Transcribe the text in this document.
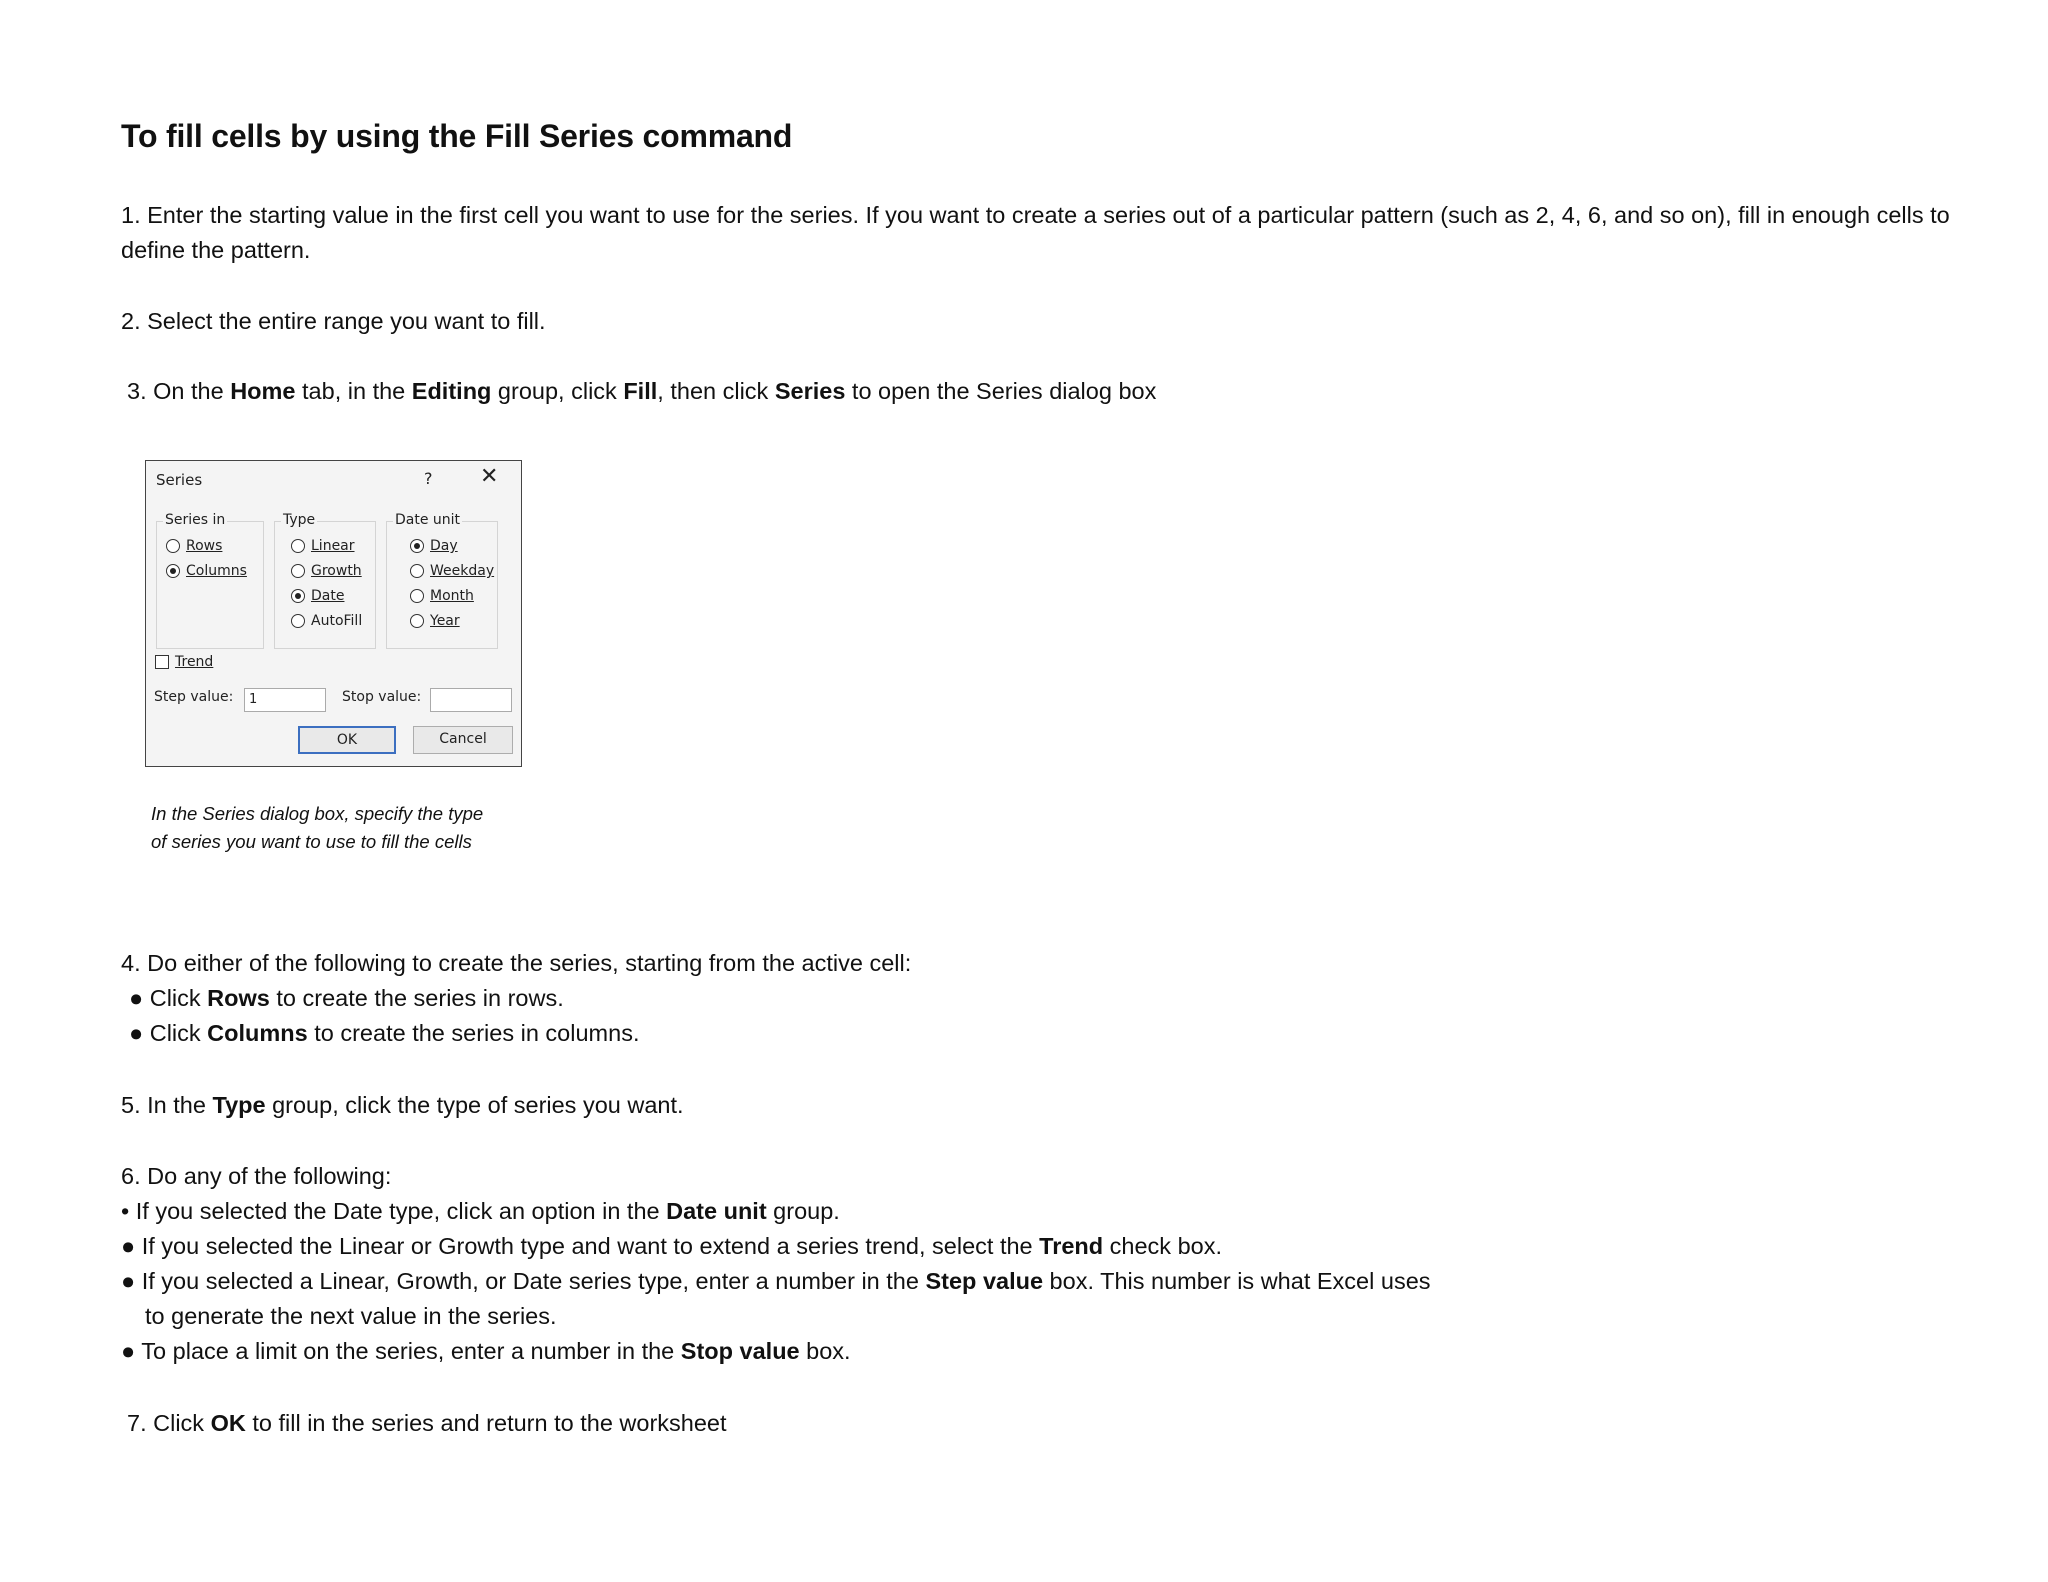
To fill cells by using the Fill Series command

1. Enter the starting value in the first cell you want to use for the series. If you want to create a series out of a particular pattern (such as 2, 4, 6, and so on), fill in enough cells to define the pattern.

2. Select the entire range you want to fill.

3. On the Home tab, in the Editing group, click Fill, then click Series to open the Series dialog box

4. Do either of the following to create the series, starting from the active cell:

● Click Rows to create the series in rows.

● Click Columns to create the series in columns.

5. In the Type group, click the type of series you want.

6. Do any of the following:

• If you selected the Date type, click an option in the Date unit group.

● If you selected the Linear or Growth type and want to extend a series trend, select the Trend check box.

● If you selected a Linear, Growth, or Date series type, enter a number in the Step value box. This number is what Excel uses

to generate the next value in the series.

● To place a limit on the series, enter a number in the Stop value box.

7. Click OK to fill in the series and return to the worksheet

Series	? ✕
Series in
Rows
Columns
Type
Linear
Growth
Date
AutoFill
Date unit
Day
Weekday
Month
Year
Trend
Step value:	1	Stop value:
OK	Cancel
In the Series dialog box, specify the type
of series you want to use to fill the cells
